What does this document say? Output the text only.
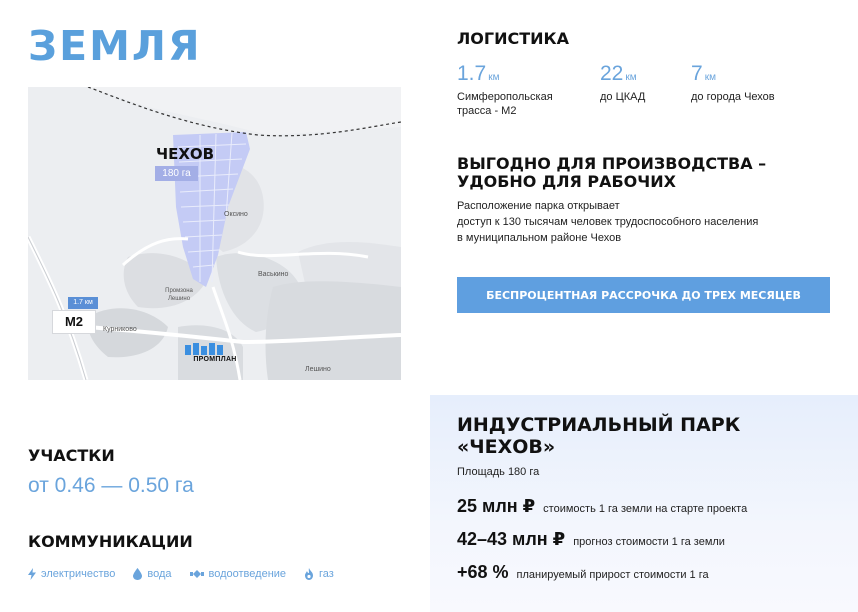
ЗЕМЛЯ
Оксино
Васькино
Промзона Лешино
Курниково
Лешино
ЧЕХОВ
180 га
1.7 км
М2
ПРОМПЛАН
ЛОГИСТИКА
1.7 км
Симферопольская трасса - М2
22 км
до ЦКАД
7 км
до города Чехов
ВЫГОДНО ДЛЯ ПРОИЗВОДСТВА – УДОБНО ДЛЯ РАБОЧИХ
Расположение парка открывает
доступ к 130 тысячам человек трудоспособного населения
в муниципальном районе Чехов
БЕСПРОЦЕНТНАЯ РАССРОЧКА ДО ТРЕХ МЕСЯЦЕВ
УЧАСТКИ
от 0.46 — 0.50 га
КОММУНИКАЦИИ
электричество	вода	водоотведение	газ
ИНДУСТРИАЛЬНЫЙ ПАРК
«ЧЕХОВ»
Площадь 180 га
25 млн ₽ стоимость 1 га земли на старте проекта
42–43 млн ₽ прогноз стоимости 1 га земли
+68 % планируемый прирост стоимости 1 га
